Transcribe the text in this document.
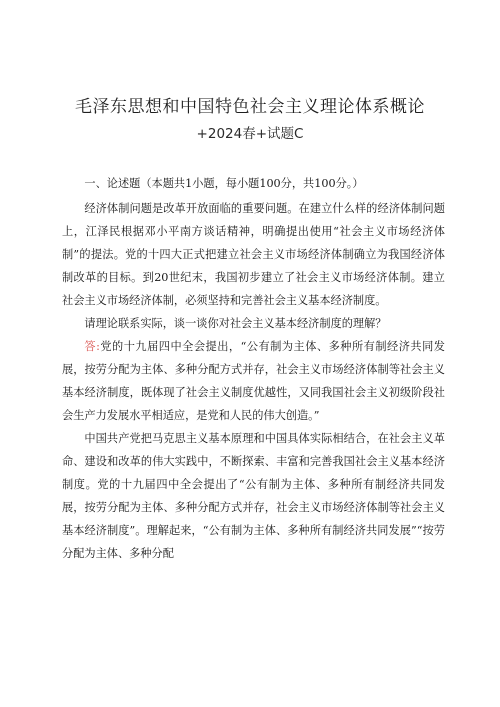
毛泽东思想和中国特色社会主义理论体系概论
+2024春+试题C

一、论述题（本题共1小题，每小题100分，共100分。）

经济体制问题是改革开放面临的重要问题。在建立什么样的经济体制问题上，江泽民根据邓小平南方谈话精神，明确提出使用“社会主义市场经济体制”的提法。党的十四大正式把建立社会主义市场经济体制确立为我国经济体制改革的目标。到20世纪末，我国初步建立了社会主义市场经济体制。建立社会主义市场经济体制，必须坚持和完善社会主义基本经济制度。

请理论联系实际，谈一谈你对社会主义基本经济制度的理解？

答:党的十九届四中全会提出，“公有制为主体、多种所有制经济共同发展，按劳分配为主体、多种分配方式并存，社会主义市场经济体制等社会主义基本经济制度，既体现了社会主义制度优越性，又同我国社会主义初级阶段社会生产力发展水平相适应，是党和人民的伟大创造。”

中国共产党把马克思主义基本原理和中国具体实际相结合，在社会主义革命、建设和改革的伟大实践中，不断探索、丰富和完善我国社会主义基本经济制度。党的十九届四中全会提出了“公有制为主体、多种所有制经济共同发展，按劳分配为主体、多种分配方式并存，社会主义市场经济体制等社会主义基本经济制度”。理解起来，“公有制为主体、多种所有制经济共同发展”“按劳分配为主体、多种分配
